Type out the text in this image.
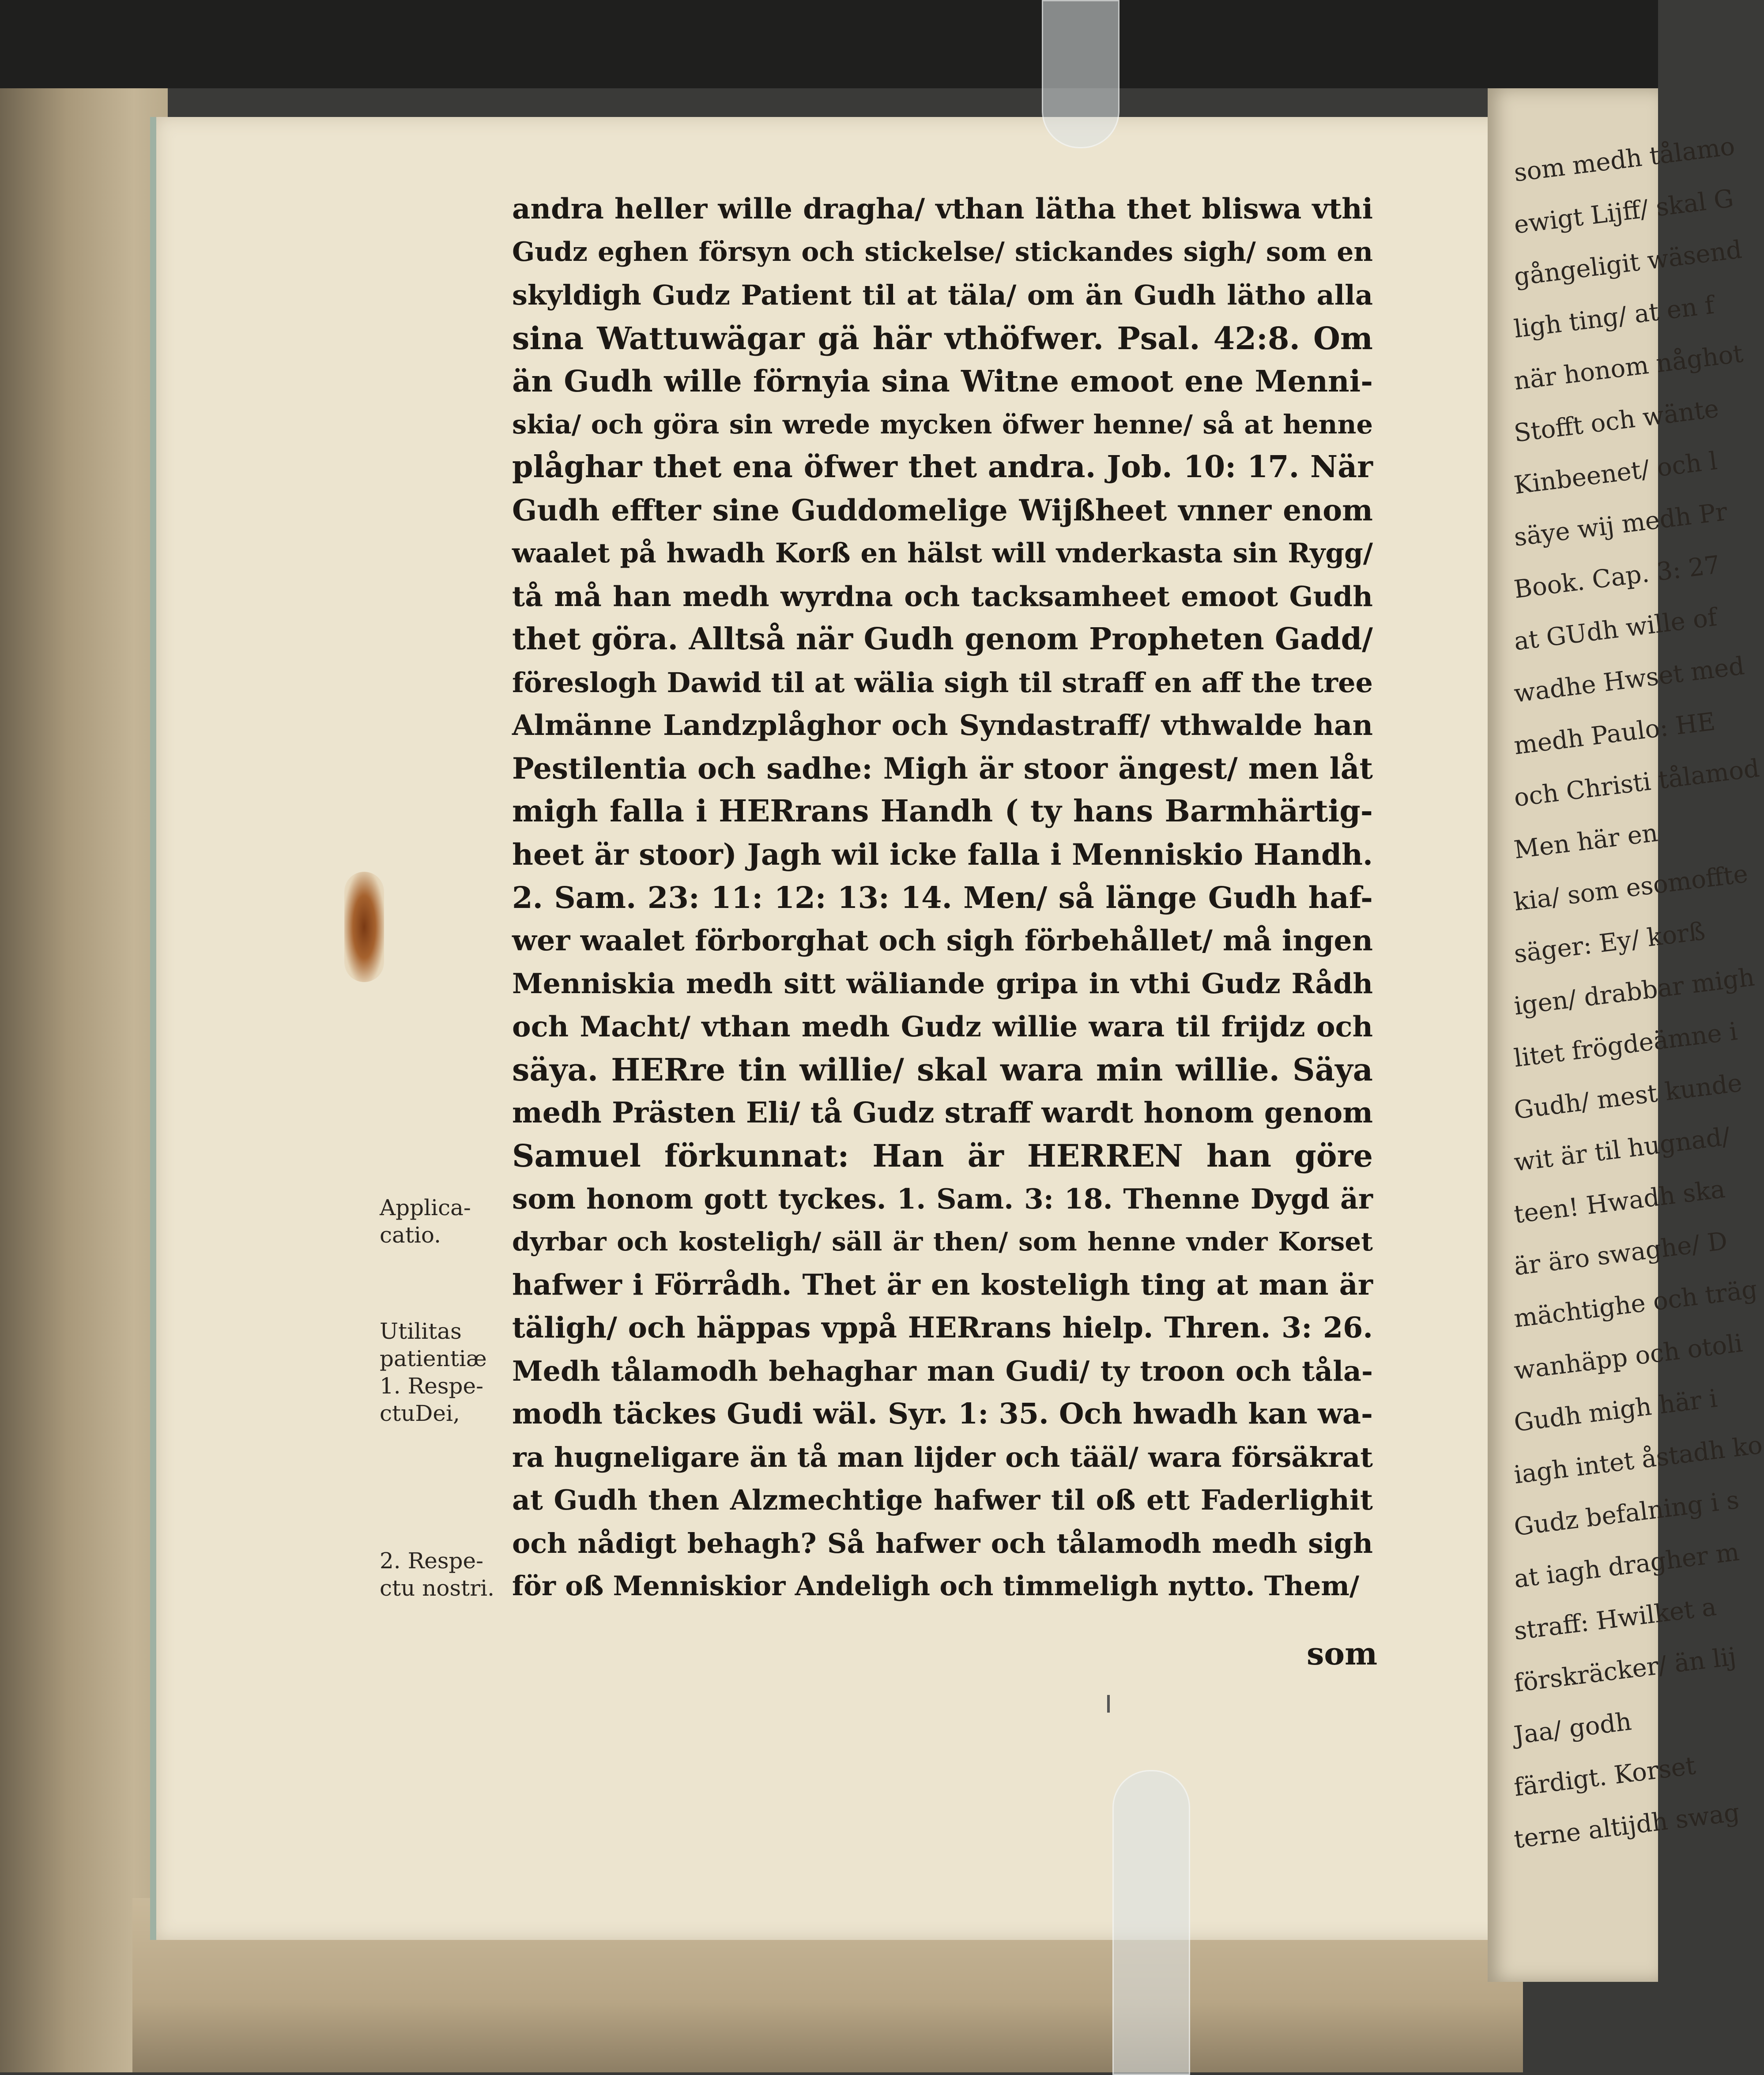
andra heller wille dragha/ vthan lätha thet bliswa vthi
Gudz eghen försyn och stickelse/ stickandes sigh/ som en
skyldigh Gudz Patient til at täla/ om än Gudh lätho alla
sina Wattuwägar gä här vthöfwer. Psal. 42:8. Om
än Gudh wille förnyia sina Witne emoot ene Menni-
skia/ och göra sin wrede mycken öfwer henne/ så at henne
plåghar thet ena öfwer thet andra. Job. 10: 17. När
Gudh effter sine Guddomelige Wijßheet vnner enom
waalet på hwadh Korß en hälst will vnderkasta sin Rygg/
tå må han medh wyrdna och tacksamheet emoot Gudh
thet göra. Alltså när Gudh genom Propheten Gadd/
föreslogh Dawid til at wälia sigh til straff en aff the tree
Almänne Landzplåghor och Syndastraff/ vthwalde han
Pestilentia och sadhe: Migh är stoor ängest/ men låt
migh falla i HERrans Handh ( ty hans Barmhärtig-
heet är stoor) Jagh wil icke falla i Menniskio Handh.
2. Sam. 23: 11: 12: 13: 14. Men/ så länge Gudh haf-
wer waalet förborghat och sigh förbehållet/ må ingen
Menniskia medh sitt wäliande gripa in vthi Gudz Rådh
och Macht/ vthan medh Gudz willie wara til frijdz och
säya. HERre tin willie/ skal wara min willie. Säya
medh Prästen Eli/ tå Gudz straff wardt honom genom
Samuel förkunnat: Han är HERREN han göre
som honom gott tyckes. 1. Sam. 3: 18. Thenne Dygd är
dyrbar och kosteligh/ säll är then/ som henne vnder Korset
hafwer i Förrådh. Thet är en kosteligh ting at man är
täligh/ och häppas vppå HERrans hielp. Thren. 3: 26.
Medh tålamodh behaghar man Gudi/ ty troon och tåla-
modh täckes Gudi wäl. Syr. 1: 35. Och hwadh kan wa-
ra hugneligare än tå man lijder och tääl/ wara försäkrat
at Gudh then Alzmechtige hafwer til oß ett Faderlighit
och nådigt behagh? Så hafwer och tålamodh medh sigh
för oß Menniskior Andeligh och timmeligh nytto. Them/
som
Applica-
catio.
Utilitas
patientiæ
1. Respe-
ctuDei,
2. Respe-
ctu nostri.
som medh tålamo
ewigt Lijff/ skal G
gångeligit wäsend
ligh ting/ at en f
när honom någhot
Stofft och wänte
Kinbeenet/ och l
säye wij medh Pr
Book. Cap. 3: 27
at GUdh wille of
wadhe Hwset med
medh Paulo: HE
och Christi tålamod
Men här en
kia/ som esomoffte
säger: Ey/ korß
igen/ drabbar migh
litet frögdeämne i
Gudh/ mest kunde
wit är til hugnad/
teen! Hwadh ska
är äro swaghe/ D
mächtighe och träg
wanhäpp och otoli
Gudh migh här i
iagh intet åstadh ko
Gudz befalning i s
at iagh dragher m
straff: Hwilket a
förskräcker/ än lij
Jaa/ godh
färdigt. Korset
terne altijdh swag
